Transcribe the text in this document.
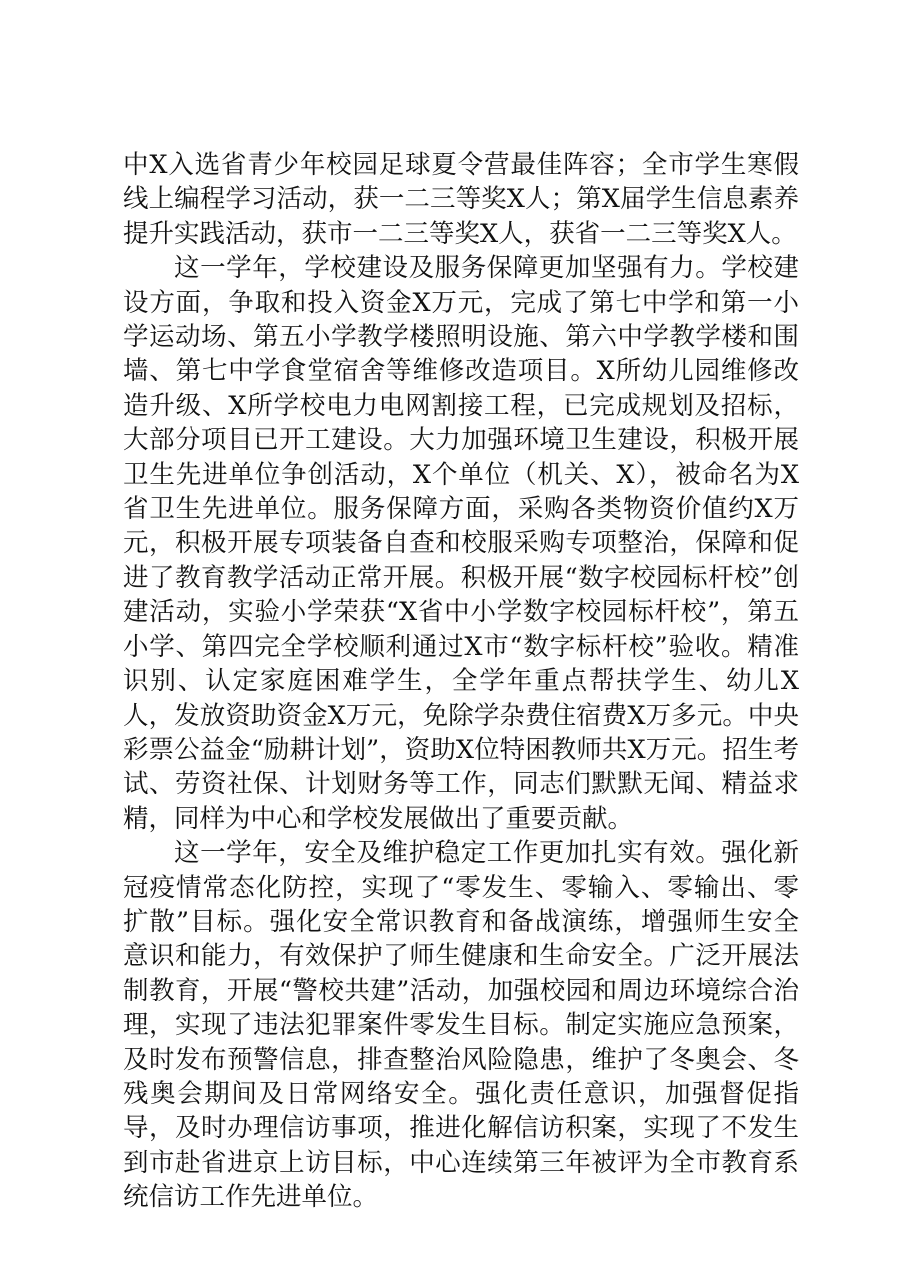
中X入选省青少年校园足球夏令营最佳阵容；全市学生寒假线上编程学习活动，获一二三等奖X人；第X届学生信息素养提升实践活动，获市一二三等奖X人，获省一二三等奖X人。

这一学年，学校建设及服务保障更加坚强有力。学校建设方面，争取和投入资金X万元，完成了第七中学和第一小学运动场、第五小学教学楼照明设施、第六中学教学楼和围墙、第七中学食堂宿舍等维修改造项目。X所幼儿园维修改造升级、X所学校电力电网割接工程，已完成规划及招标，大部分项目已开工建设。大力加强环境卫生建设，积极开展卫生先进单位争创活动，X个单位（机关、X），被命名为X省卫生先进单位。服务保障方面，采购各类物资价值约X万元，积极开展专项装备自查和校服采购专项整治，保障和促进了教育教学活动正常开展。积极开展“数字校园标杆校”创建活动，实验小学荣获“X省中小学数字校园标杆校”，第五小学、第四完全学校顺利通过X市“数字标杆校”验收。精准识别、认定家庭困难学生，全学年重点帮扶学生、幼儿X人，发放资助资金X万元，免除学杂费住宿费X万多元。中央彩票公益金“励耕计划”，资助X位特困教师共X万元。招生考试、劳资社保、计划财务等工作，同志们默默无闻、精益求精，同样为中心和学校发展做出了重要贡献。

这一学年，安全及维护稳定工作更加扎实有效。强化新冠疫情常态化防控，实现了“零发生、零输入、零输出、零扩散”目标。强化安全常识教育和备战演练，增强师生安全意识和能力，有效保护了师生健康和生命安全。广泛开展法制教育，开展“警校共建”活动，加强校园和周边环境综合治理，实现了违法犯罪案件零发生目标。制定实施应急预案，及时发布预警信息，排查整治风险隐患，维护了冬奥会、冬残奥会期间及日常网络安全。强化责任意识，加强督促指导，及时办理信访事项，推进化解信访积案，实现了不发生到市赴省进京上访目标，中心连续第三年被评为全市教育系统信访工作先进单位。
